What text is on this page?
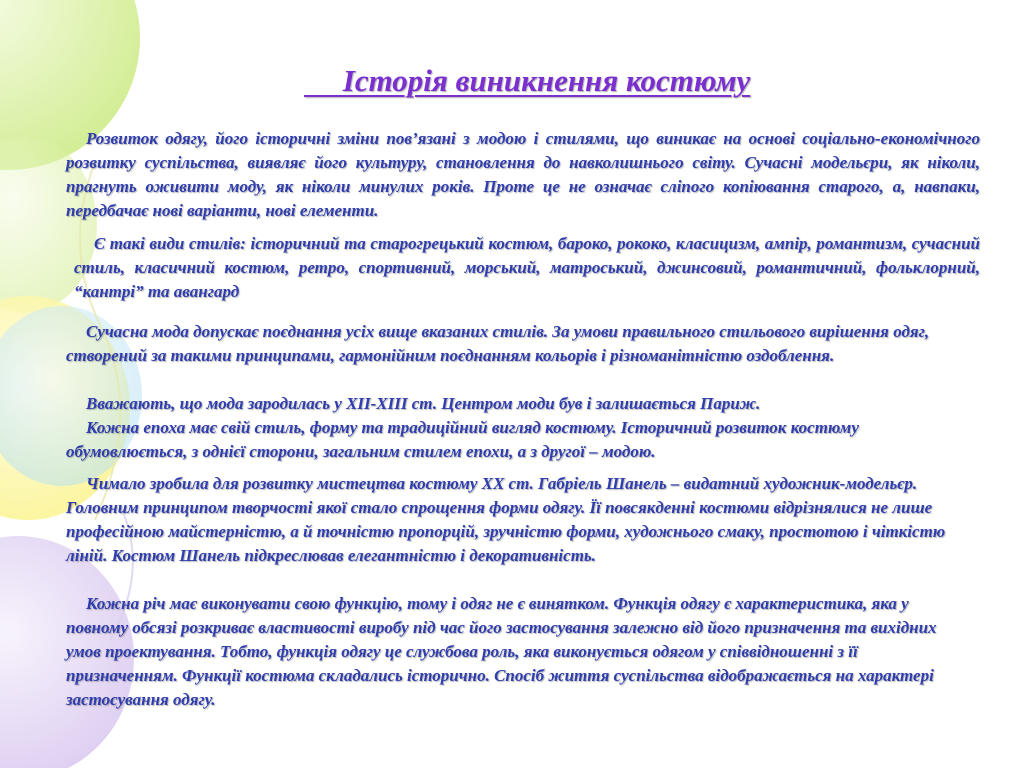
Історія виникнення костюму

Розвиток одягу, його історичні зміни пов’язані з модою і стилями, що виникає на основі соціально-економічного розвитку суспільства, виявляє його культуру, становлення до навколишнього світу. Сучасні модельєри, як ніколи, прагнуть оживити моду, як ніколи минулих років. Проте це не означає сліпого копіювання старого, а, навпаки, передбачає нові варіанти, нові елементи.

Є такі види стилів: історичний та старогрецький костюм, бароко, рококо, класицизм, ампір, романтизм, сучасний стиль, класичний костюм, ретро, спортивний, морський, матроський, джинсовий, романтичний, фольклорний, “кантрі” та авангард

Сучасна мода допускає поєднання усіх вище вказаних стилів. За умови правильного стильового вирішення одяг, створений за такими принципами, гармонійним поєднанням кольорів і різноманітністю оздоблення.

Вважають, що мода зародилась у XII-XIII ст. Центром моди був і залишається Париж.

Кожна епоха має свій стиль, форму та традиційний вигляд костюму. Історичний розвиток костюму обумовлюється, з однієї сторони, загальним стилем епохи, а з другої – модою.

Чимало зробила для розвитку мистецтва костюму XX ст. Габріель Шанель – видатний художник-модельєр. Головним принципом творчості якої стало спрощення форми одягу. Її повсякденні костюми відрізнялися не лише професійною майстерністю, а й точністю пропорцій, зручністю форми, художнього смаку, простотою і чіткістю ліній. Костюм Шанель підкреслював елегантністю і декоративність.

Кожна річ має виконувати свою функцію, тому і одяг не є винятком. Функція одягу є характеристика, яка у повному обсязі розкриває властивості виробу під час його застосування залежно від його призначення та вихідних умов проектування. Тобто, функція одягу це службова роль, яка виконується одягом у співвідношенні з її призначенням. Функції костюма складались історично. Спосіб життя суспільства відображається на характері застосування одягу.
